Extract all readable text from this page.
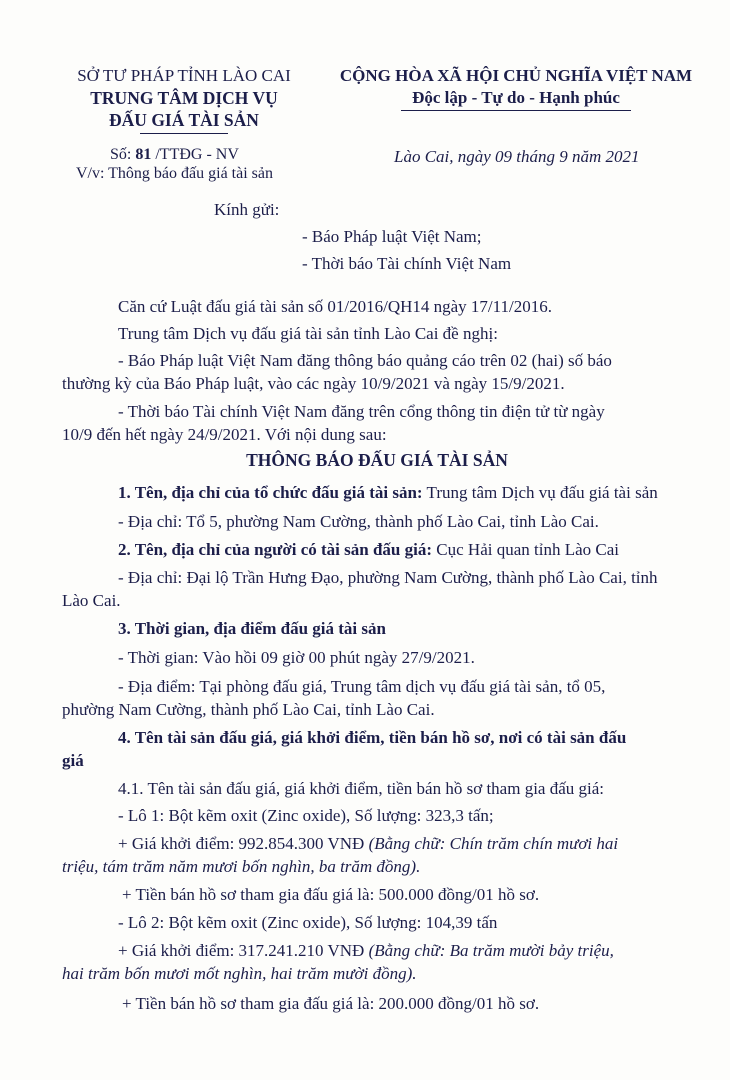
SỞ TƯ PHÁP TỈNH LÀO CAI
TRUNG TÂM DỊCH VỤ
ĐẤU GIÁ TÀI SẢN
CỘNG HÒA XÃ HỘI CHỦ NGHĨA VIỆT NAM
Độc lập - Tự do - Hạnh phúc
Số: 81 /TTĐG - NV
V/v: Thông báo đấu giá tài sản
Lào Cai, ngày 09 tháng 9 năm 2021
Kính gửi:
- Báo Pháp luật Việt Nam;
- Thời báo Tài chính Việt Nam
Căn cứ Luật đấu giá tài sản số 01/2016/QH14 ngày 17/11/2016.
Trung tâm Dịch vụ đấu giá tài sản tỉnh Lào Cai đề nghị:
- Báo Pháp luật Việt Nam đăng thông báo quảng cáo trên 02 (hai) số báo
thường kỳ của Báo Pháp luật, vào các ngày 10/9/2021 và ngày 15/9/2021.
- Thời báo Tài chính Việt Nam đăng trên cổng thông tin điện tử từ ngày
10/9 đến hết ngày 24/9/2021. Với nội dung sau:
THÔNG BÁO ĐẤU GIÁ TÀI SẢN
1. Tên, địa chỉ của tổ chức đấu giá tài sản: Trung tâm Dịch vụ đấu giá tài sản
- Địa chỉ: Tổ 5, phường Nam Cường, thành phố Lào Cai, tỉnh Lào Cai.
2. Tên, địa chỉ của người có tài sản đấu giá: Cục Hải quan tỉnh Lào Cai
- Địa chỉ: Đại lộ Trần Hưng Đạo, phường Nam Cường, thành phố Lào Cai, tỉnh
Lào Cai.
3. Thời gian, địa điểm đấu giá tài sản
- Thời gian: Vào hồi 09 giờ 00 phút ngày 27/9/2021.
- Địa điểm: Tại phòng đấu giá, Trung tâm dịch vụ đấu giá tài sản, tổ 05,
phường Nam Cường, thành phố Lào Cai, tỉnh Lào Cai.
4. Tên tài sản đấu giá, giá khởi điểm, tiền bán hồ sơ, nơi có tài sản đấu
giá
4.1. Tên tài sản đấu giá, giá khởi điểm, tiền bán hồ sơ tham gia đấu giá:
- Lô 1: Bột kẽm oxit (Zinc oxide), Số lượng: 323,3 tấn;
+ Giá khởi điểm: 992.854.300 VNĐ (Bằng chữ: Chín trăm chín mươi hai
triệu, tám trăm năm mươi bốn nghìn, ba trăm đồng).
+ Tiền bán hồ sơ tham gia đấu giá là: 500.000 đồng/01 hồ sơ.
- Lô 2: Bột kẽm oxit (Zinc oxide), Số lượng: 104,39 tấn
+ Giá khởi điểm: 317.241.210 VNĐ (Bằng chữ: Ba trăm mười bảy triệu,
hai trăm bốn mươi mốt nghìn, hai trăm mười đồng).
+ Tiền bán hồ sơ tham gia đấu giá là: 200.000 đồng/01 hồ sơ.
